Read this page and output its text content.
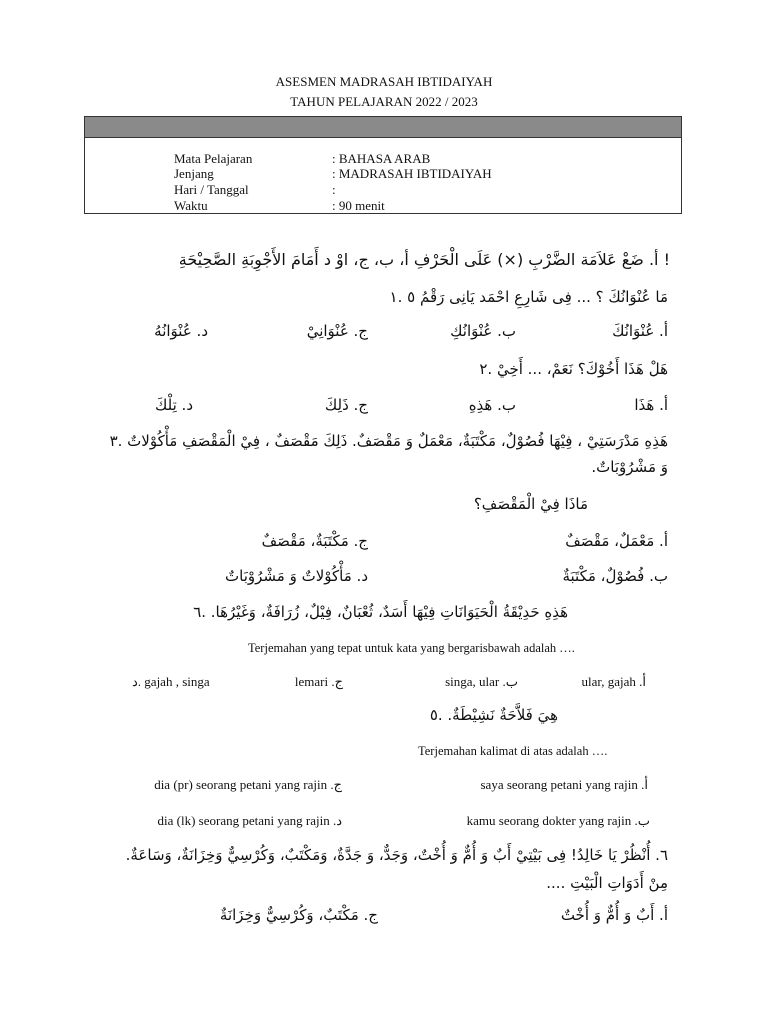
ASESMEN MADRASAH IBTIDAIYAH
TAHUN PELAJARAN 2022 / 2023
Mata Pelajaran	: BAHASA ARAB
Jenjang	: MADRASAH IBTIDAIYAH
Hari / Tanggal	:
Waktu	: 90 menit
! أ. ضَعْ عَلاَمَة الضَّرْبِ (×) عَلَى الْحَرْفِ أ، ب، ج، اوْ د أَمَامَ الأَجْوِبَةِ الصَّحِيْحَةِ
مَا عُنْوَانُكَ ؟ ... فِى شَارِعِ احْمَد يَانِى رَقْمُ ٥ .١
أ. عُنْوَانُكَ
ب. عُنْوَانُكِ
ج. عُنْوَانِيْ
د. عُنْوَانُهُ
هَلْ هَذَا أَخُوْكَ؟ نَعَمْ، ... أَخِيْ .٢
أ. هَذَا
ب. هَذِهِ
ج. ذَلِكَ
د. تِلْكَ
هَذِهِ مَدْرَسَتِيْ ، فِيْهَا فُصُوْلٌ، مَكْتَبَةٌ، مَعْمَلٌ وَ مَقْصَفٌ. ذَلِكَ مَقْصَفٌ ، فِيْ الْمَقْصَفِ مَأْكُوْلاتٌ .٣
وَ مَشْرُوْبَاتٌ.
مَاذَا فِيْ الْمَقْصَفِ؟
أ. مَعْمَلٌ، مَقْصَفٌ
ج. مَكْتَبَةٌ، مَقْصَفٌ
ب. فُصُوْلٌ، مَكْتَبَةٌ
د. مَأْكُوْلاتٌ وَ مَشْرُوْبَاتٌ
هَذِهِ حَدِيْقَةُ الْحَيَوَانَاتِ فِيْهَا أَسَدٌ، ثُعْبَانٌ، فِيْلٌ، زُرَافَةٌ، وَغَيْرُهَا. .٦
Terjemahan yang tepat untuk kata yang bergarisbawah adalah ….
أ. ular, gajah
ب. singa, ular
ج. lemari
د. gajah , singa
هِيَ فَلاَّحَةٌ نَشِيْطَةٌ. .٥
Terjemahan kalimat di atas adalah ….
أ. saya seorang petani yang rajin
ج. dia (pr) seorang petani yang rajin
ب. kamu seorang dokter yang rajin
د. dia (lk) seorang petani yang rajin
٦. أُنْظُرْ يَا خَالِدُ! فِى بَيْتِيْ أَبٌ وَ أُمٌّ وَ أُخْتٌ، وَجَدٌّ، وَ جَدَّةٌ، وَمَكْتَبٌ، وَكُرْسِيٌّ وَخِزَانَةٌ، وَسَاعَةٌ.
مِنْ أَدَوَاتِ الْبَيْتِ ....
أ. أَبٌ وَ أُمٌّ وَ أُخْتٌ
ج. مَكْتَبٌ، وَكُرْسِيٌّ وَخِزَانَةٌ
